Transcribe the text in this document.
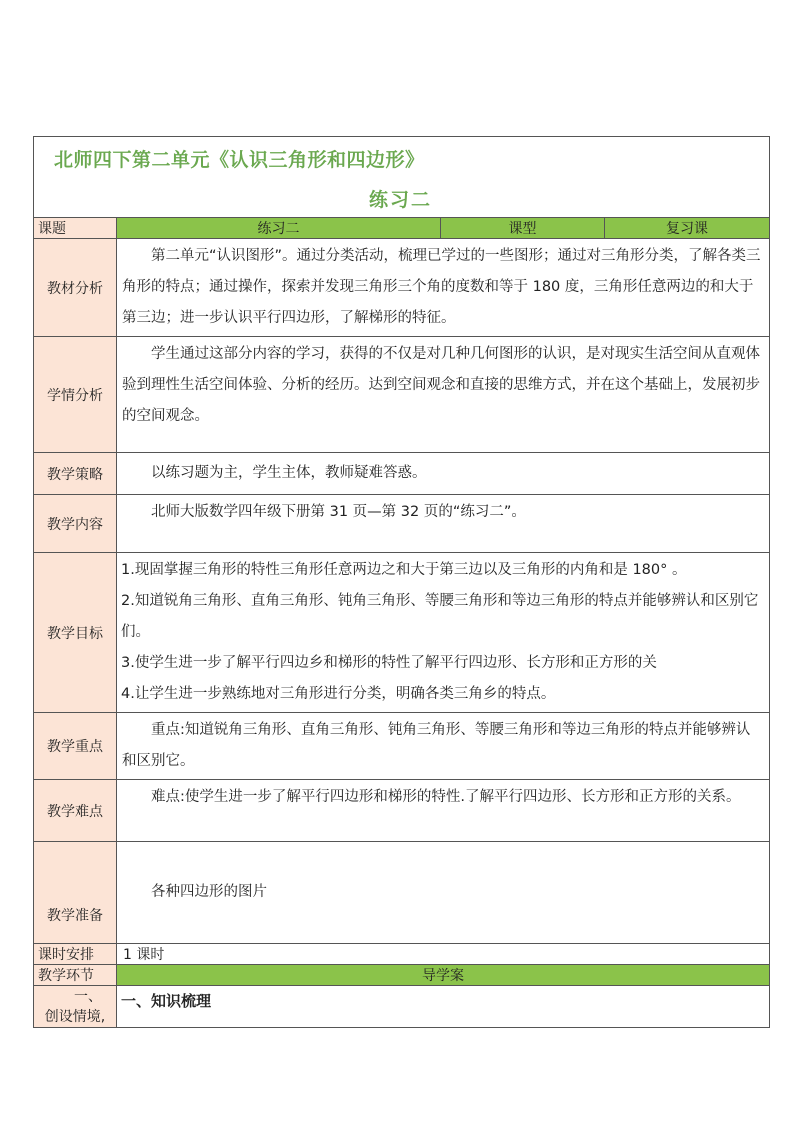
北师四下第二单元《认识三角形和四边形》
练习二			

课题	练习二	课型	复习课
教材分析	第二单元“认识图形”。通过分类活动，梳理已学过的一些图形；通过对三角形分类，了解各类三角形的特点；通过操作，探索并发现三角形三个角的度数和等于 180 度，三角形任意两边的和大于第三边；进一步认识平行四边形，了解梯形的特征。		
学情分析	学生通过这部分内容的学习，获得的不仅是对几种几何图形的认识，是对现实生活空间从直观体验到理性生活空间体验、分析的经历。达到空间观念和直接的思维方式，并在这个基础上，发展初步的空间观念。		
教学策略	以练习题为主，学生主体，教师疑难答惑。		
教学内容	北师大版数学四年级下册第 31 页—第 32 页的“练习二”。		
教学目标	1.现固掌握三角形的特性三角形任意两边之和大于第三边以及三角形的内角和是 180° 。
2.知道锐角三角形、直角三角形、钝角三角形、等腰三角形和等边三角形的特点并能够辨认和区别它们。
3.使学生进一步了解平行四边乡和梯形的特性了解平行四边形、长方形和正方形的关
4.让学生进一步熟练地对三角形进行分类，明确各类三角乡的特点。		

教学重点	重点:知道锐角三角形、直角三角形、钝角三角形、等腰三角形和等边三角形的特点并能够辨认和区别它。		
教学难点	难点:使学生进一步了解平行四边形和梯形的特性.了解平行四边形、长方形和正方形的关系。		
教学准备	各种四边形的图片		
课时安排	1 课时		
教学环节	导学案		

一、
创设情境,	一、知识梳理		
